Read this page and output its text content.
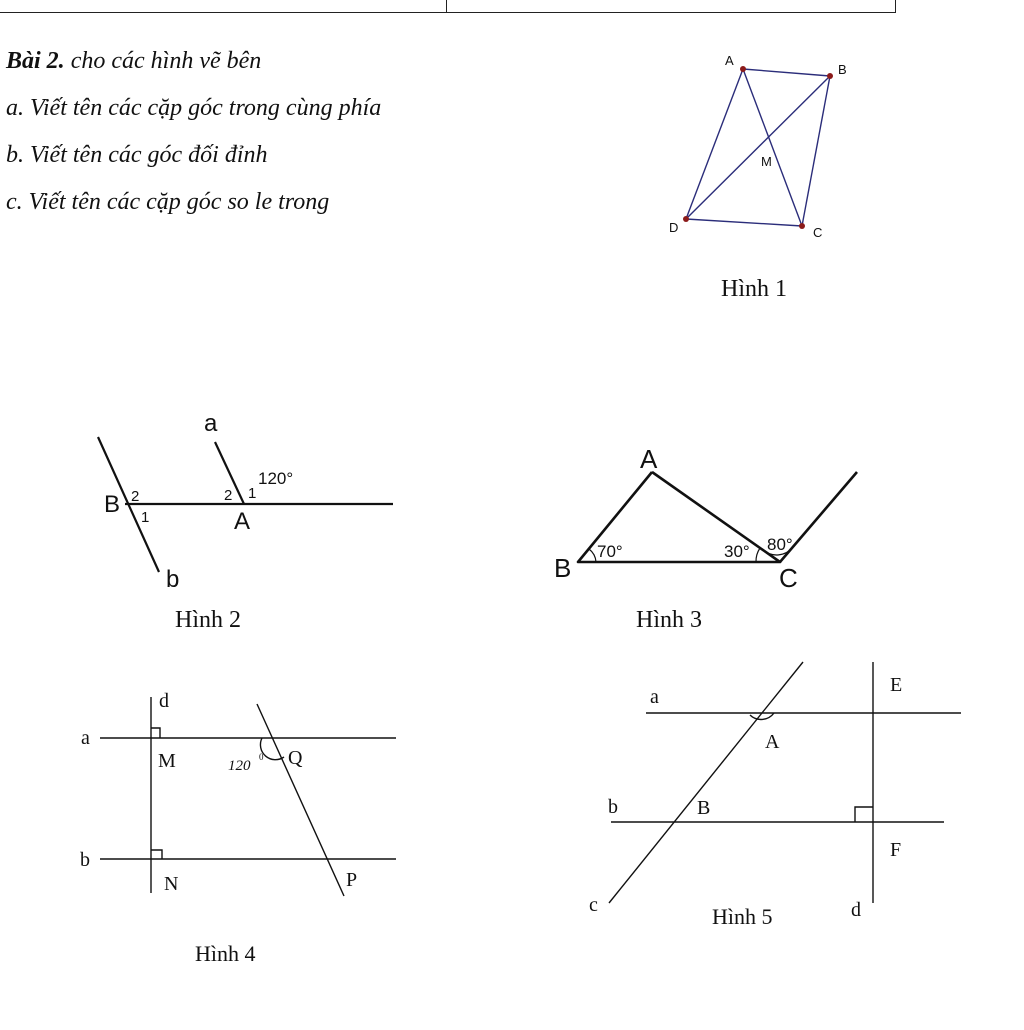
Bài 2. cho các hình vẽ bên
a. Viết tên các cặp góc trong cùng phía
b. Viết tên các góc đối đỉnh
c. Viết tên các cặp góc so le trong
A
B
C
D
M
Hình 1
a
b
B
A
120°
2
1
2 1
Hình 2
A
B	C
70°	30° 80°
Hình 3
a
b
d
M
N
Q
P
120
0
Hình 4
a
b
c	d
A
B
E
F
Hình 5
